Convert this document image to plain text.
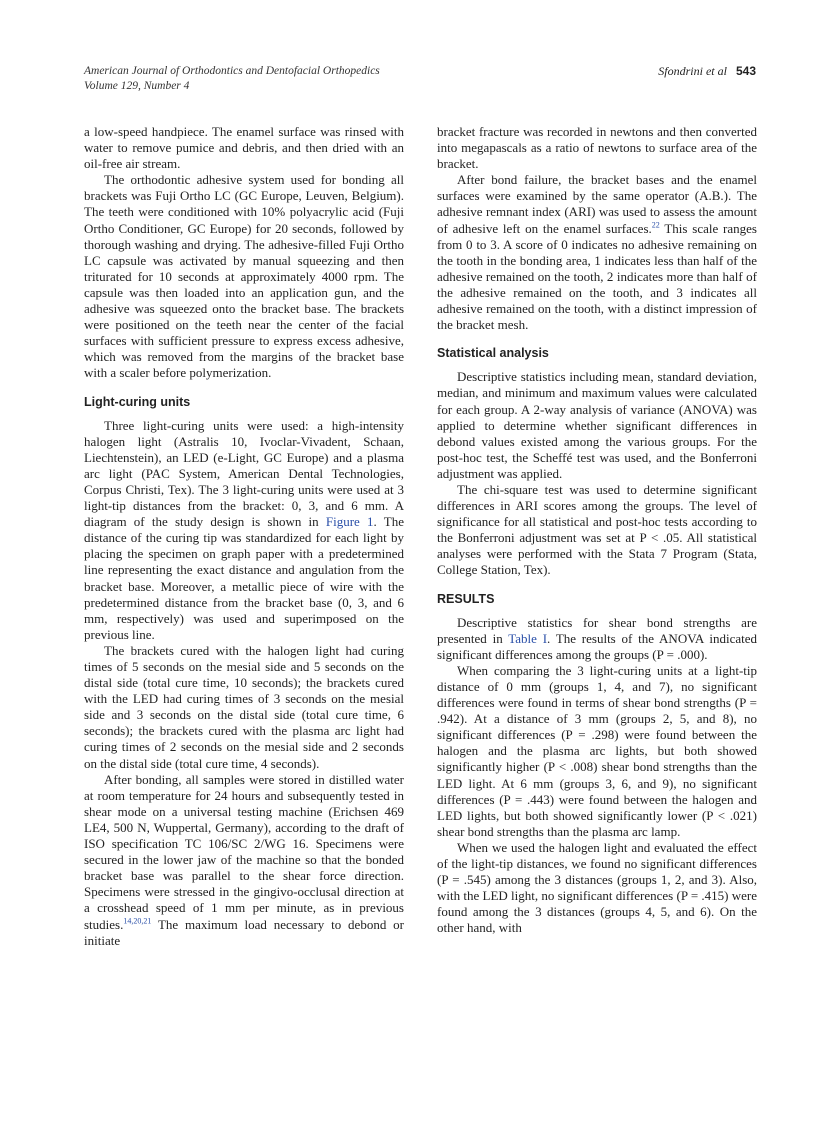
American Journal of Orthodontics and Dentofacial Orthopedics
Volume 129, Number 4
Sfondrini et al 543

a low-speed handpiece. The enamel surface was rinsed with water to remove pumice and debris, and then dried with an oil-free air stream.

The orthodontic adhesive system used for bonding all brackets was Fuji Ortho LC (GC Europe, Leuven, Belgium). The teeth were conditioned with 10% polyacrylic acid (Fuji Ortho Conditioner, GC Europe) for 20 seconds, followed by thorough washing and drying. The adhesive-filled Fuji Ortho LC capsule was activated by manual squeezing and then triturated for 10 seconds at approximately 4000 rpm. The capsule was then loaded into an application gun, and the adhesive was squeezed onto the bracket base. The brackets were positioned on the teeth near the center of the facial surfaces with sufficient pressure to express excess adhesive, which was removed from the margins of the bracket base with a scaler before polymerization.

Light-curing units

Three light-curing units were used: a high-intensity halogen light (Astralis 10, Ivoclar-Vivadent, Schaan, Liechtenstein), an LED (e-Light, GC Europe) and a plasma arc light (PAC System, American Dental Technologies, Corpus Christi, Tex). The 3 light-curing units were used at 3 light-tip distances from the bracket: 0, 3, and 6 mm. A diagram of the study design is shown in Figure 1. The distance of the curing tip was standardized for each light by placing the specimen on graph paper with a predetermined line representing the exact distance and angulation from the bracket base. Moreover, a metallic piece of wire with the predetermined distance from the bracket base (0, 3, and 6 mm, respectively) was used and superimposed on the previous line.

The brackets cured with the halogen light had curing times of 5 seconds on the mesial side and 5 seconds on the distal side (total cure time, 10 seconds); the brackets cured with the LED had curing times of 3 seconds on the mesial side and 3 seconds on the distal side (total cure time, 6 seconds); the brackets cured with the plasma arc light had curing times of 2 seconds on the mesial side and 2 seconds on the distal side (total cure time, 4 seconds).

After bonding, all samples were stored in distilled water at room temperature for 24 hours and subsequently tested in shear mode on a universal testing machine (Erichsen 469 LE4, 500 N, Wuppertal, Germany), according to the draft of ISO specification TC 106/SC 2/WG 16. Specimens were secured in the lower jaw of the machine so that the bonded bracket base was parallel to the shear force direction. Specimens were stressed in the gingivo-occlusal direction at a crosshead speed of 1 mm per minute, as in previous studies.$^{14,20,21}$ The maximum load necessary to debond or initiate

bracket fracture was recorded in newtons and then converted into megapascals as a ratio of newtons to surface area of the bracket.

After bond failure, the bracket bases and the enamel surfaces were examined by the same operator (A.B.). The adhesive remnant index (ARI) was used to assess the amount of adhesive left on the enamel surfaces.$^{22}$ This scale ranges from 0 to 3. A score of 0 indicates no adhesive remaining on the tooth in the bonding area, 1 indicates less than half of the adhesive remained on the tooth, 2 indicates more than half of the adhesive remained on the tooth, and 3 indicates all adhesive remained on the tooth, with a distinct impression of the bracket mesh.

Statistical analysis

Descriptive statistics including mean, standard deviation, median, and minimum and maximum values were calculated for each group. A 2-way analysis of variance (ANOVA) was applied to determine whether significant differences in debond values existed among the various groups. For the post-hoc test, the Scheffé test was used, and the Bonferroni adjustment was applied.

The chi-square test was used to determine significant differences in ARI scores among the groups. The level of significance for all statistical and post-hoc tests according to the Bonferroni adjustment was set at P < .05. All statistical analyses were performed with the Stata 7 Program (Stata, College Station, Tex).

RESULTS

Descriptive statistics for shear bond strengths are presented in Table I. The results of the ANOVA indicated significant differences among the groups (P = .000).

When comparing the 3 light-curing units at a light-tip distance of 0 mm (groups 1, 4, and 7), no significant differences were found in terms of shear bond strengths (P = .942). At a distance of 3 mm (groups 2, 5, and 8), no significant differences (P = .298) were found between the halogen and the plasma arc lights, but both showed significantly higher (P < .008) shear bond strengths than the LED light. At 6 mm (groups 3, 6, and 9), no significant differences (P = .443) were found between the halogen and LED lights, but both showed significantly lower (P < .021) shear bond strengths than the plasma arc lamp.

When we used the halogen light and evaluated the effect of the light-tip distances, we found no significant differences (P = .545) among the 3 distances (groups 1, 2, and 3). Also, with the LED light, no significant differences (P = .415) were found among the 3 distances (groups 4, 5, and 6). On the other hand, with
